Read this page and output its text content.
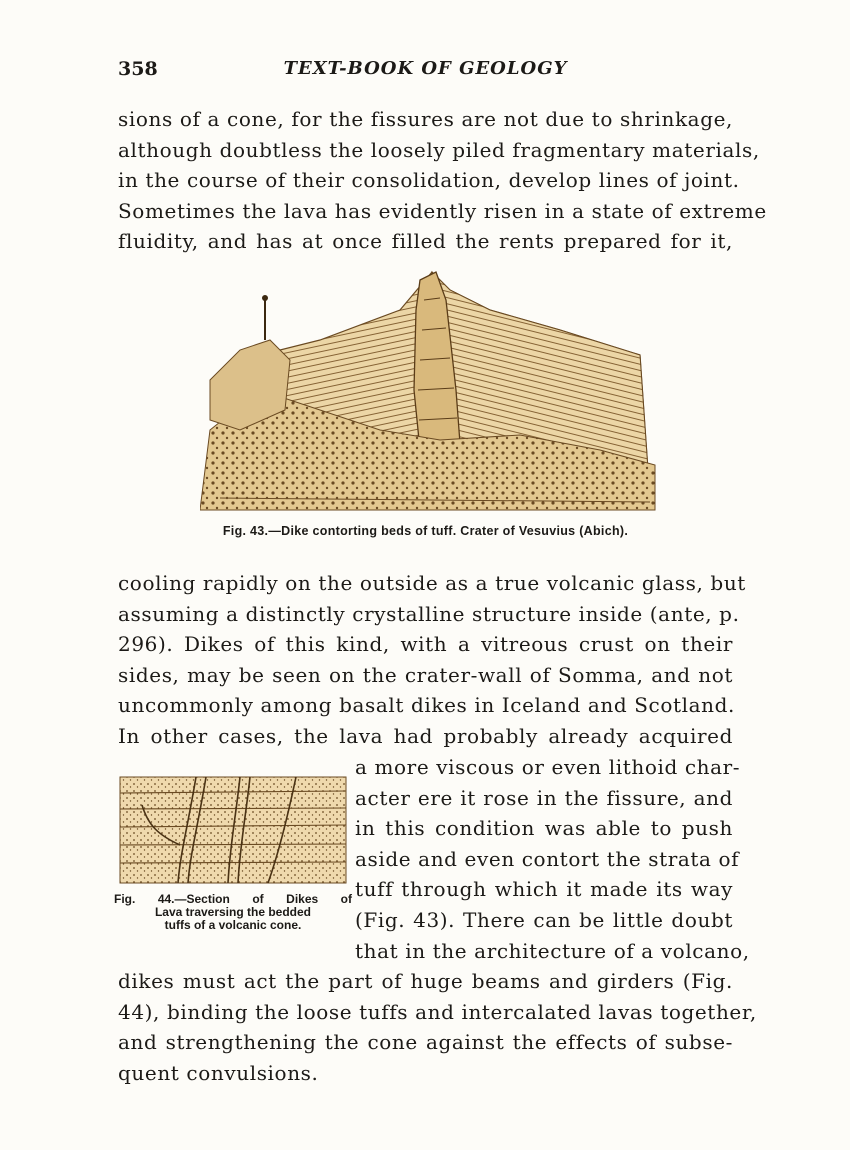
358	TEXT-BOOK OF GEOLOGY
sions of a cone, for the fissures are not due to shrinkage,
although doubtless the loosely piled fragmentary materials,
in the course of their consolidation, develop lines of joint.
Sometimes the lava has evidently risen in a state of extreme
fluidity, and has at once filled the rents prepared for it,
Fig. 43.—Dike contorting beds of tuff. Crater of Vesuvius (Abich).
cooling rapidly on the outside as a true volcanic glass, but
assuming a distinctly crystalline structure inside (ante, p.
296). Dikes of this kind, with a vitreous crust on their
sides, may be seen on the crater-wall of Somma, and not
uncommonly among basalt dikes in Iceland and Scotland.
In other cases, the lava had probably already acquired
Fig. 44.—Section of Dikes of
Lava traversing the bedded
tuffs of a volcanic cone.
a more viscous or even lithoid char-
acter ere it rose in the fissure, and
in this condition was able to push
aside and even contort the strata of
tuff through which it made its way
(Fig. 43). There can be little doubt
that in the architecture of a volcano,
dikes must act the part of huge beams and girders (Fig.
44), binding the loose tuffs and intercalated lavas together,
and strengthening the cone against the effects of subse-
quent convulsions.
